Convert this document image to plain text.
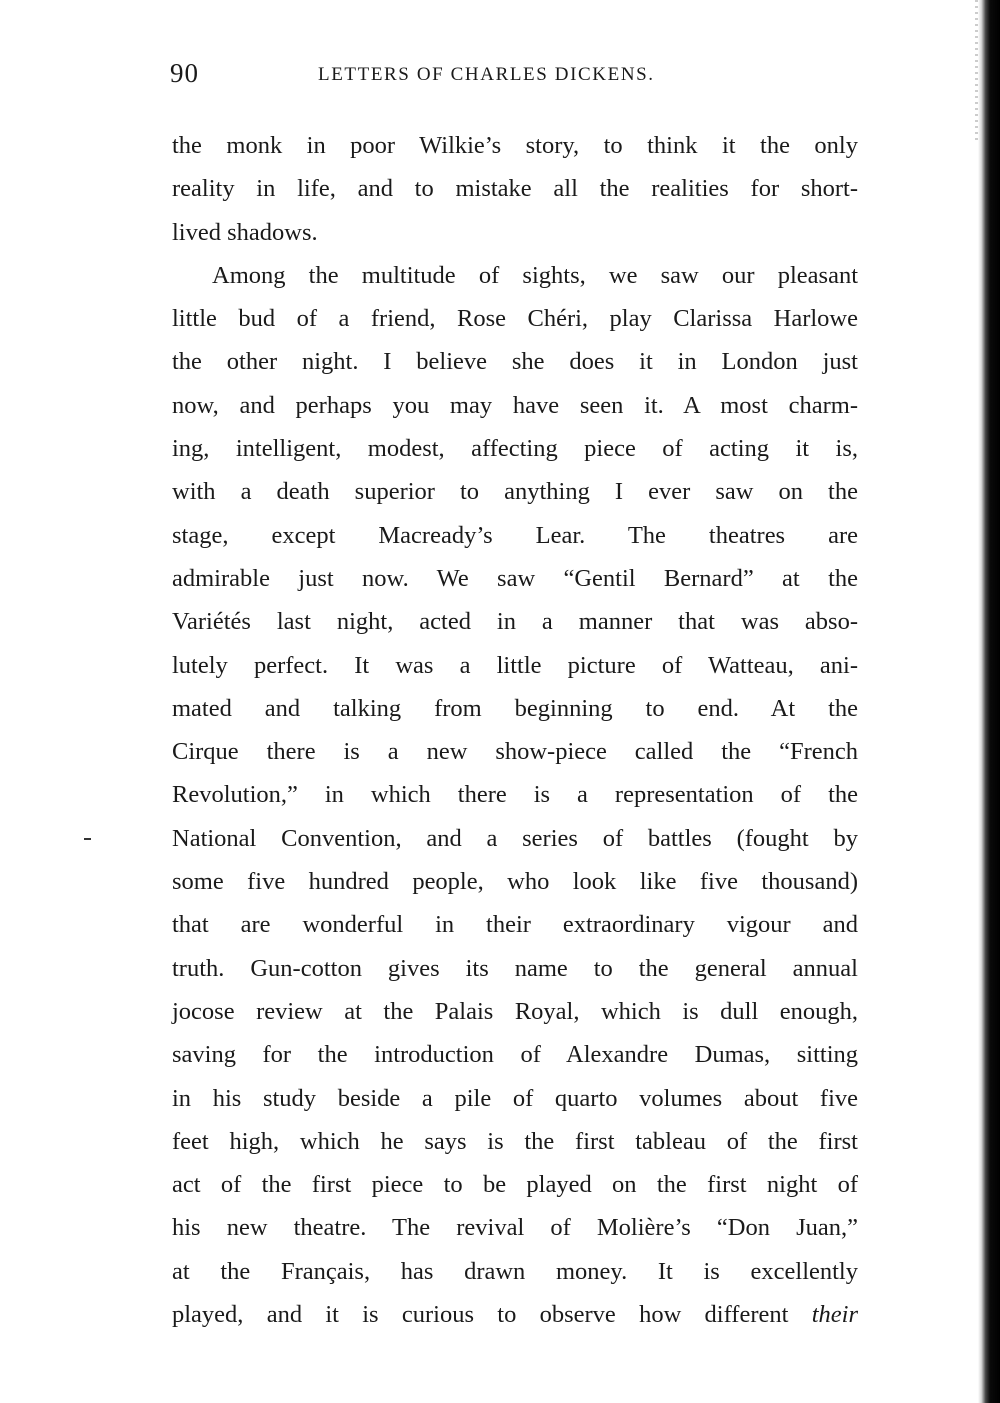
90	LETTERS OF CHARLES DICKENS.
the monk in poor Wilkie’s story, to think it the only
reality in life, and to mistake all the realities for short-
lived shadows.
Among the multitude of sights, we saw our pleasant
little bud of a friend, Rose Chéri, play Clarissa Harlowe
the other night. I believe she does it in London just
now, and perhaps you may have seen it. A most charm-
ing, intelligent, modest, affecting piece of acting it is,
with a death superior to anything I ever saw on the
stage, except Macready’s Lear. The theatres are
admirable just now. We saw “Gentil Bernard” at the
Variétés last night, acted in a manner that was abso-
lutely perfect. It was a little picture of Watteau, ani-
mated and talking from beginning to end. At the
Cirque there is a new show-piece called the “French
Revolution,” in which there is a representation of the
National Convention, and a series of battles (fought by
some five hundred people, who look like five thousand)
that are wonderful in their extraordinary vigour and
truth. Gun-cotton gives its name to the general annual
jocose review at the Palais Royal, which is dull enough,
saving for the introduction of Alexandre Dumas, sitting
in his study beside a pile of quarto volumes about five
feet high, which he says is the first tableau of the first
act of the first piece to be played on the first night of
his new theatre. The revival of Molière’s “Don Juan,”
at the Français, has drawn money. It is excellently
played, and it is curious to observe how different their
